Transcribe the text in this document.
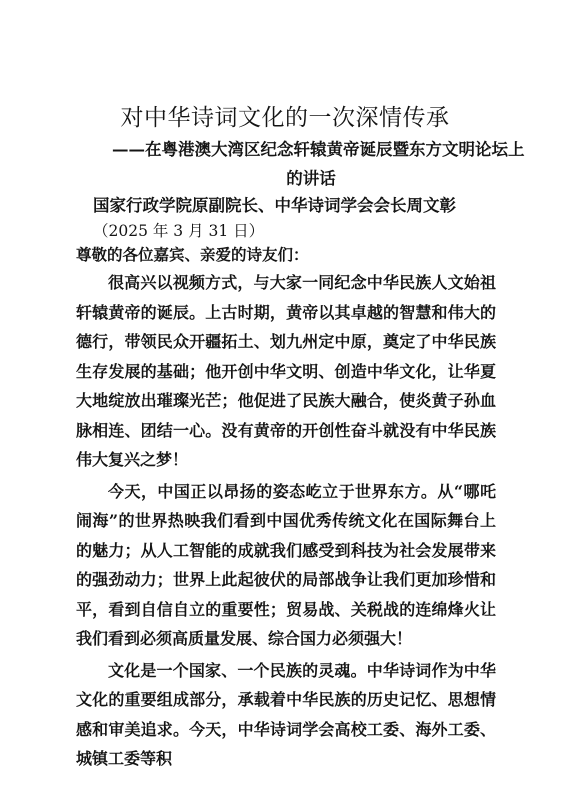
对中华诗词文化的一次深情传承
——在粤港澳大湾区纪念轩辕黄帝诞辰暨东方文明论坛上
的讲话
国家行政学院原副院长、中华诗词学会会长周文彰
（2025 年 3 月 31 日）
尊敬的各位嘉宾、亲爱的诗友们：

很高兴以视频方式，与大家一同纪念中华民族人文始祖轩辕黄帝的诞辰。上古时期，黄帝以其卓越的智慧和伟大的德行，带领民众开疆拓土、划九州定中原，奠定了中华民族生存发展的基础；他开创中华文明、创造中华文化，让华夏大地绽放出璀璨光芒；他促进了民族大融合，使炎黄子孙血脉相连、团结一心。没有黄帝的开创性奋斗就没有中华民族伟大复兴之梦！

今天，中国正以昂扬的姿态屹立于世界东方。从“哪吒闹海”的世界热映我们看到中国优秀传统文化在国际舞台上的魅力；从人工智能的成就我们感受到科技为社会发展带来的强劲动力；世界上此起彼伏的局部战争让我们更加珍惜和平，看到自信自立的重要性；贸易战、关税战的连绵烽火让我们看到必须高质量发展、综合国力必须强大！

文化是一个国家、一个民族的灵魂。中华诗词作为中华文化的重要组成部分，承载着中华民族的历史记忆、思想情感和审美追求。今天，中华诗词学会高校工委、海外工委、城镇工委等积
